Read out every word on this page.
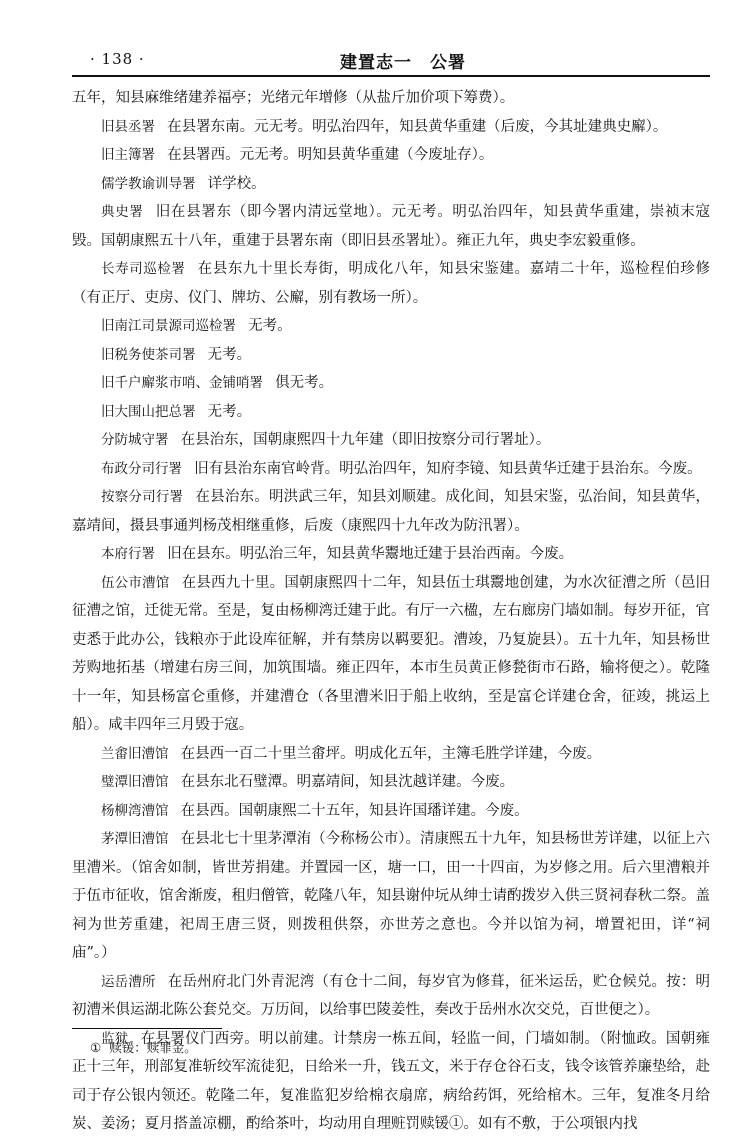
· 138 ·	建置志一　公署

五年，知县麻维绪建养福亭；光绪元年增修（从盐斤加价项下筹费）。

旧县丞署 在县署东南。元无考。明弘治四年，知县黄华重建（后废，今其址建典史廨）。

旧主簿署 在县署西。元无考。明知县黄华重建（今废址存）。

儒学教谕训导署 详学校。

典史署 旧在县署东（即今署内清远堂地）。元无考。明弘治四年，知县黄华重建，崇祯末寇毁。国朝康熙五十八年，重建于县署东南（即旧县丞署址）。雍正九年，典史李宏毅重修。

长寿司巡检署 在县东九十里长寿街，明成化八年，知县宋鉴建。嘉靖二十年，巡检程伯珍修（有正厅、吏房、仪门、牌坊、公廨，别有教场一所）。

旧南江司景源司巡检署 无考。

旧税务使茶司署 无考。

旧千户廨浆市哨、金铺哨署 俱无考。

旧大围山把总署 无考。

分防城守署 在县治东，国朝康熙四十九年建（即旧按察分司行署址）。

布政分司行署 旧有县治东南官岭背。明弘治四年，知府李镜、知县黄华迁建于县治东。今废。

按察分司行署 在县治东。明洪武三年，知县刘顺建。成化间，知县宋鉴，弘治间，知县黄华，嘉靖间，摄县事通判杨茂相继重修，后废（康熙四十九年改为防汛署）。

本府行署 旧在县东。明弘治三年，知县黄华鬻地迁建于县治西南。今废。

伍公市漕馆 在县西九十里。国朝康熙四十二年，知县伍士琪鬻地创建，为水次征漕之所（邑旧征漕之馆，迁徙无常。至是，复由杨柳湾迁建于此。有厅一六楹，左右廊房门墙如制。每岁开征，官吏悉于此办公，钱粮亦于此设库征解，并有禁房以羁要犯。漕竣，乃复旋县）。五十九年，知县杨世芳购地拓基（增建右房三间，加筑围墙。雍正四年，本市生员黄正修甃街市石路，输将便之）。乾隆十一年，知县杨富仑重修，并建漕仓（各里漕米旧于船上收纳，至是富仑详建仓舍，征竣，挑运上船）。咸丰四年三月毁于寇。

兰畬旧漕馆 在县西一百二十里兰畬坪。明成化五年，主簿毛胜学详建，今废。

璧潭旧漕馆 在县东北石璧潭。明嘉靖间，知县沈越详建。今废。

杨柳湾漕馆 在县西。国朝康熙二十五年，知县许国璠详建。今废。

茅潭旧漕馆 在县北七十里茅潭洧（今称杨公市）。清康熙五十九年，知县杨世芳详建，以征上六里漕米。（馆舍如制，皆世芳捐建。并置园一区，塘一口，田一十四亩，为岁修之用。后六里漕粮并于伍市征收，馆舍渐废，租归僧管，乾隆八年，知县谢仲坃从绅士请酌拨岁入供三贤祠春秋二祭。盖祠为世芳重建，祀周王唐三贤，则拨租供祭，亦世芳之意也。今并以馆为祠，增置祀田，详“祠庙”。）

运岳漕所 在岳州府北门外青泥湾（有仓十二间，每岁官为修葺，征米运岳，贮仓候兑。按：明初漕米俱运湖北陈公套兑交。万历间，以给事巴陵姜性，奏改于岳州水次交兑，百世便之）。

监狱 在县署仪门西旁。明以前建。计禁房一栋五间，轻监一间，门墙如制。（附恤政。国朝雍正十三年，刑部复准斩绞军流徒犯，日给米一升，钱五文，米于存仓谷石支，钱令该管养廉垫给，赴司于存公银内领还。乾隆二年，复准监犯岁给棉衣扇席，病给药饵，死给棺木。三年，复准冬月给炭、姜汤；夏月搭盖凉棚，酌给茶叶，均动用自理赃罚赎锾①。如有不敷，于公项银内找

① 赎锾：赎罪金。
